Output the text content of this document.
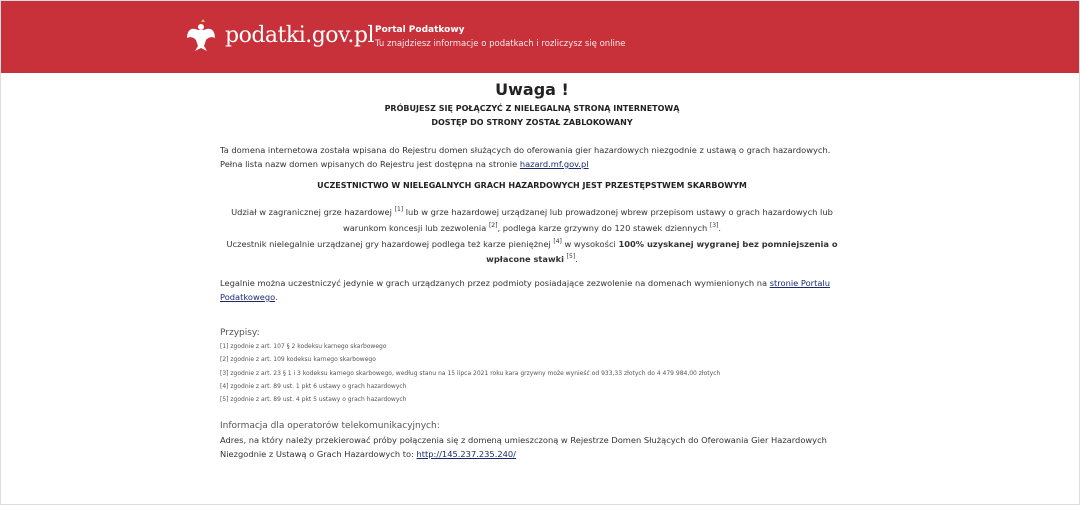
podatki.gov.pl Portal Podatkowy
Tu znajdziesz informacje o podatkach i rozliczysz się online
Uwaga !
PRÓBUJESZ SIĘ POŁĄCZYĆ Z NIELEGALNĄ STRONĄ INTERNETOWĄ
DOSTĘP DO STRONY ZOSTAŁ ZABLOKOWANY

Ta domena internetowa została wpisana do Rejestru domen służących do oferowania gier hazardowych niezgodnie z ustawą o grach hazardowych.
Pełna lista nazw domen wpisanych do Rejestru jest dostępna na stronie hazard.mf.gov.pl

UCZESTNICTWO W NIELEGALNYCH GRACH HAZARDOWYCH JEST PRZESTĘPSTWEM SKARBOWYM

Udział w zagranicznej grze hazardowej [1] lub w grze hazardowej urządzanej lub prowadzonej wbrew przepisom ustawy o grach hazardowych lub warunkom koncesji lub zezwolenia [2], podlega karze grzywny do 120 stawek dziennych [3].
Uczestnik nielegalnie urządzanej gry hazardowej podlega też karze pieniężnej [4] w wysokości 100% uzyskanej wygranej bez pomniejszenia o wpłacone stawki [5].

Legalnie można uczestniczyć jedynie w grach urządzanych przez podmioty posiadające zezwolenie na domenach wymienionych na stronie Portalu Podatkowego.

Przypisy:
[1] zgodnie z art. 107 § 2 kodeksu karnego skarbowego
[2] zgodnie z art. 109 kodeksu karnego skarbowego
[3] zgodnie z art. 23 § 1 i 3 kodeksu karnego skarbowego, według stanu na 15 lipca 2021 roku kara grzywny może wynieść od 933,33 złotych do 4 479 984,00 złotych
[4] zgodnie z art. 89 ust. 1 pkt 6 ustawy o grach hazardowych
[5] zgodnie z art. 89 ust. 4 pkt 5 ustawy o grach hazardowych
Informacja dla operatorów telekomunikacyjnych:

Adres, na który należy przekierować próby połączenia się z domeną umieszczoną w Rejestrze Domen Służących do Oferowania Gier Hazardowych Niezgodnie z Ustawą o Grach Hazardowych to: http://145.237.235.240/
